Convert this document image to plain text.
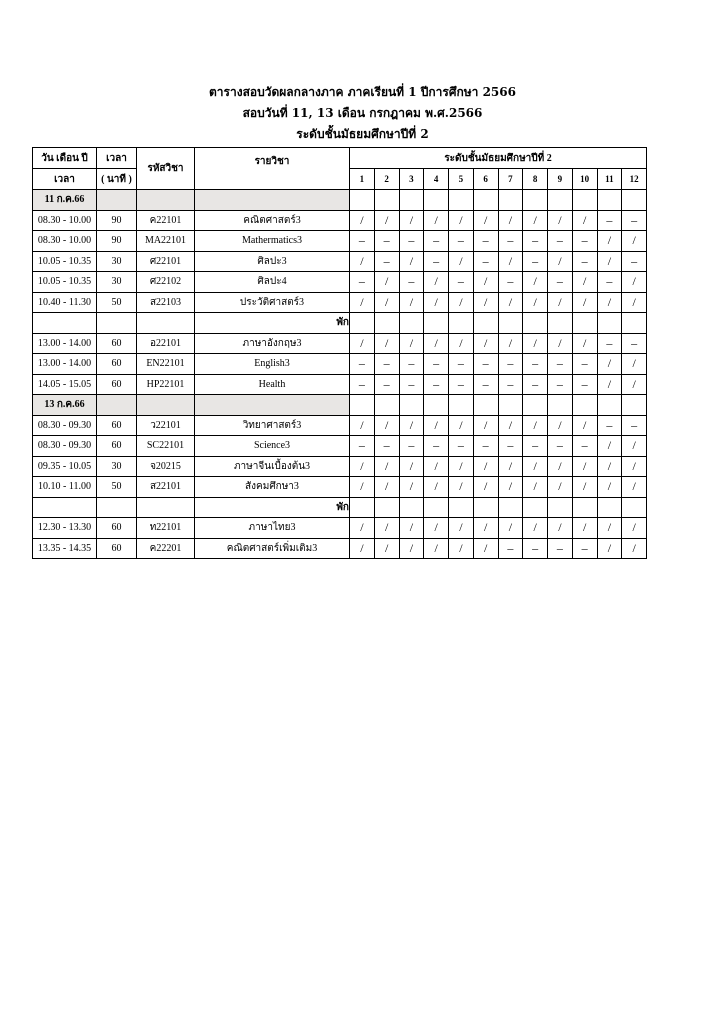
ตารางสอบวัดผลกลางภาค ภาคเรียนที่ 1 ปีการศึกษา 2566
สอบวันที่ 11, 13 เดือน กรกฎาคม พ.ศ.2566
ระดับชั้นมัธยมศึกษาปีที่ 2
วัน เดือน ปี	เวลา	รหัสวิชา	รายวิชา	ระดับชั้นมัธยมศึกษาปีที่ 2											
เวลา	( นาที )			1	2	3	4	5	6	7	8	9	10	11	12
11 ก.ค.66															
08.30 - 10.00	90	ค22101	คณิตศาสตร์3	/	/	/	/	/	/	/	/	/	/	–	–
08.30 - 10.00	90	MA22101	Mathermatics3	–	–	–	–	–	–	–	–	–	–	/	/
10.05 - 10.35	30	ศ22101	ศิลปะ3	/	–	/	–	/	–	/	–	/	–	/	–
10.05 - 10.35	30	ศ22102	ศิลปะ4	–	/	–	/	–	/	–	/	–	/	–	/
10.40 - 11.30	50	ส22103	ประวัติศาสตร์3	/	/	/	/	/	/	/	/	/	/	/	/
			พัก												
13.00 - 14.00	60	อ22101	ภาษาอังกฤษ3	/	/	/	/	/	/	/	/	/	/	–	–
13.00 - 14.00	60	EN22101	English3	–	–	–	–	–	–	–	–	–	–	/	/
14.05 - 15.05	60	HP22101	Health	–	–	–	–	–	–	–	–	–	–	/	/
13 ก.ค.66															
08.30 - 09.30	60	ว22101	วิทยาศาสตร์3	/	/	/	/	/	/	/	/	/	/	–	–
08.30 - 09.30	60	SC22101	Science3	–	–	–	–	–	–	–	–	–	–	/	/
09.35 - 10.05	30	จ20215	ภาษาจีนเบื้องต้น3	/	/	/	/	/	/	/	/	/	/	/	/
10.10 - 11.00	50	ส22101	สังคมศึกษา3	/	/	/	/	/	/	/	/	/	/	/	/
			พัก												
12.30 - 13.30	60	ท22101	ภาษาไทย3	/	/	/	/	/	/	/	/	/	/	/	/
13.35 - 14.35	60	ค22201	คณิตศาสตร์เพิ่มเติม3	/	/	/	/	/	/	–	–	–	–	/	/
